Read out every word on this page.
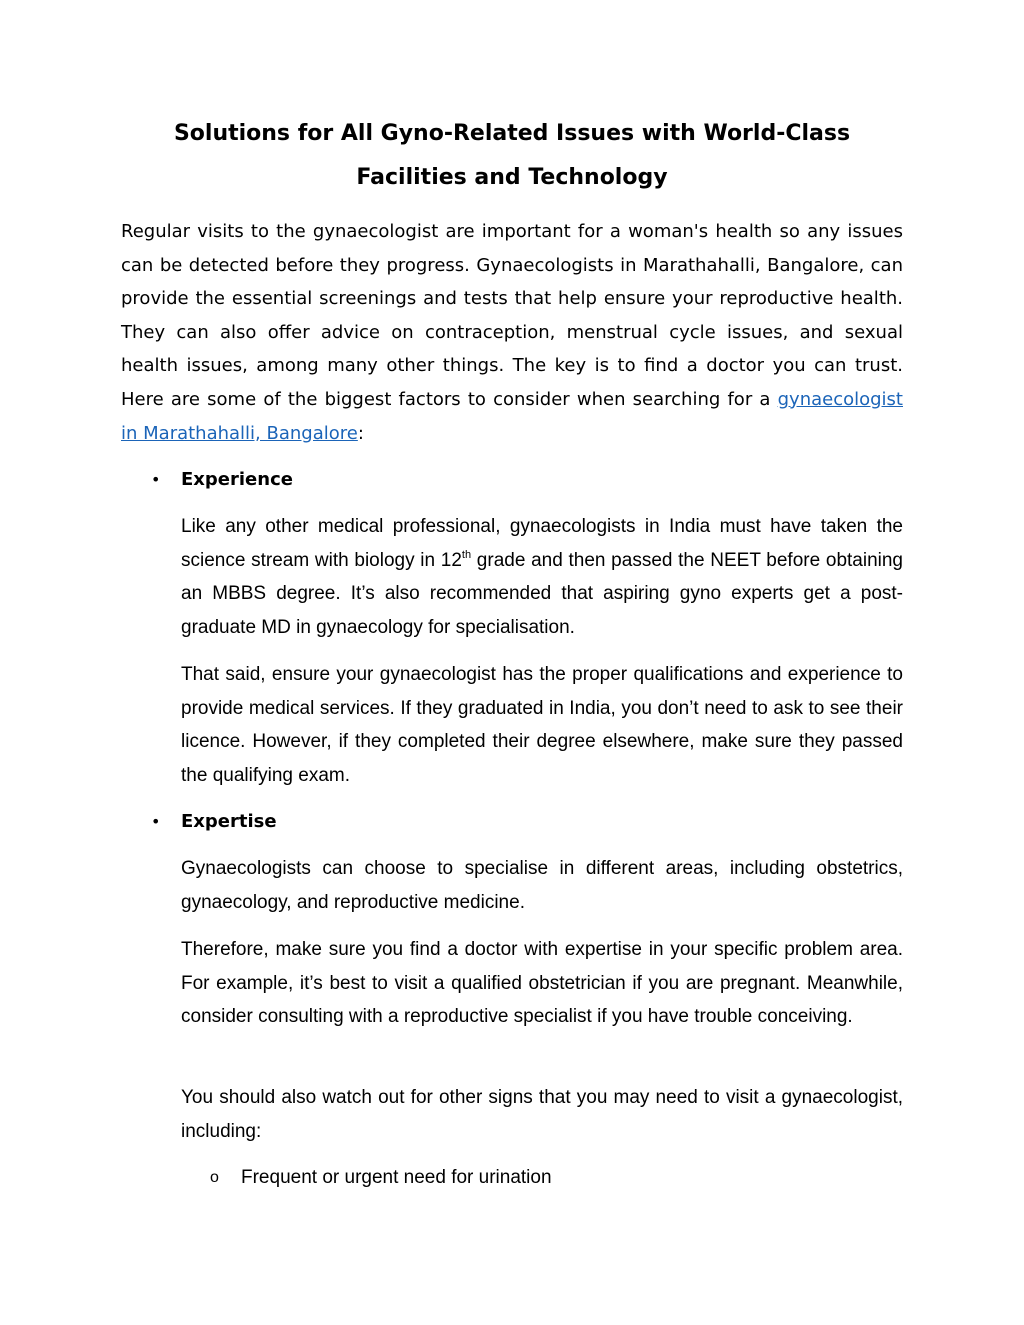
Solutions for All Gyno-Related Issues with World-Class Facilities and Technology

Regular visits to the gynaecologist are important for a woman's health so any issues can be detected before they progress. Gynaecologists in Marathahalli, Bangalore, can provide the essential screenings and tests that help ensure your reproductive health. They can also offer advice on contraception, menstrual cycle issues, and sexual health issues, among many other things. The key is to find a doctor you can trust. Here are some of the biggest factors to consider when searching for a gynaecologist in Marathahalli, Bangalore:

• Experience

Like any other medical professional, gynaecologists in India must have taken the science stream with biology in 12th grade and then passed the NEET before obtaining an MBBS degree. It’s also recommended that aspiring gyno experts get a post-graduate MD in gynaecology for specialisation.

That said, ensure your gynaecologist has the proper qualifications and experience to provide medical services. If they graduated in India, you don’t need to ask to see their licence. However, if they completed their degree elsewhere, make sure they passed the qualifying exam.

• Expertise

Gynaecologists can choose to specialise in different areas, including obstetrics, gynaecology, and reproductive medicine.

Therefore, make sure you find a doctor with expertise in your specific problem area. For example, it’s best to visit a qualified obstetrician if you are pregnant. Meanwhile, consider consulting with a reproductive specialist if you have trouble conceiving.

You should also watch out for other signs that you may need to visit a gynaecologist, including:

o Frequent or urgent need for urination
